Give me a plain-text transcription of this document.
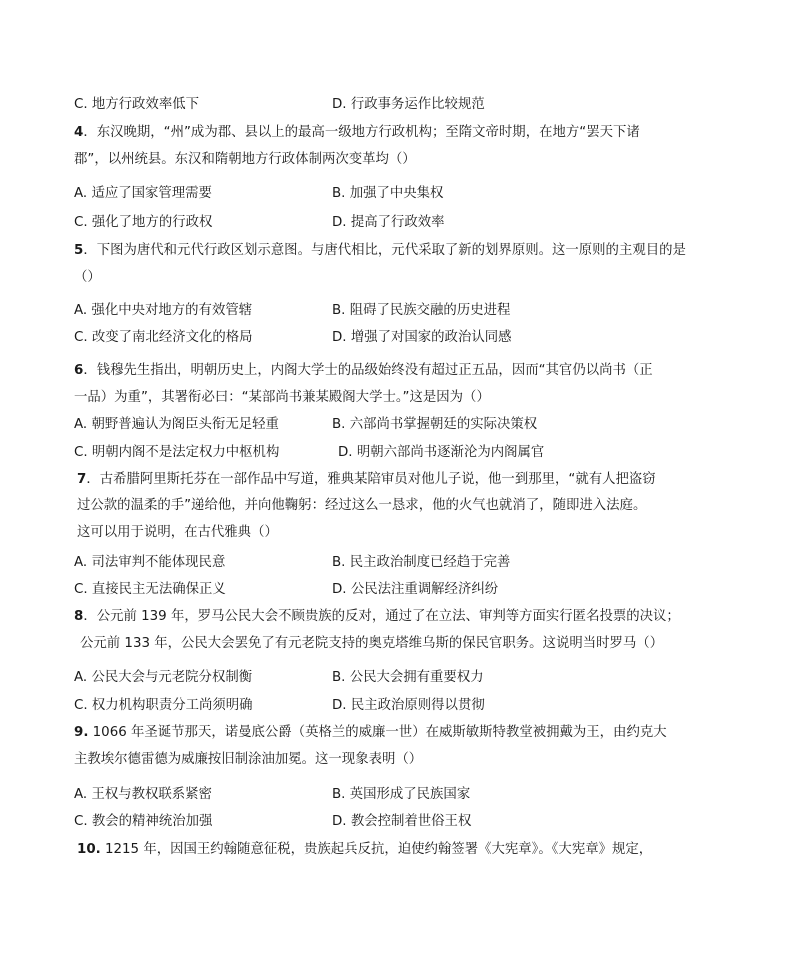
C. 地方行政效率低下	D. 行政事务运作比较规范
4．东汉晚期，“州”成为郡、县以上的最高一级地方行政机构；至隋文帝时期，在地方“罢天下诸
郡”，以州统县。东汉和隋朝地方行政体制两次变革均（）
A. 适应了国家管理需要	B. 加强了中央集权
C. 强化了地方的行政权	D. 提高了行政效率
5．下图为唐代和元代行政区划示意图。与唐代相比，元代采取了新的划界原则。这一原则的主观目的是
（）
A. 强化中央对地方的有效管辖	B. 阻碍了民族交融的历史进程
C. 改变了南北经济文化的格局	D. 增强了对国家的政治认同感
6．钱穆先生指出，明朝历史上，内阁大学士的品级始终没有超过正五品，因而“其官仍以尚书（正
一品）为重”，其署衔必曰：“某部尚书兼某殿阁大学士。”这是因为（）
A. 朝野普遍认为阁臣头衔无足轻重	B. 六部尚书掌握朝廷的实际决策权
C. 明朝内阁不是法定权力中枢机构	D. 明朝六部尚书逐渐沦为内阁属官
7．古希腊阿里斯托芬在一部作品中写道，雅典某陪审员对他儿子说，他一到那里，“就有人把盗窃
过公款的温柔的手”递给他，并向他鞠躬：经过这么一恳求，他的火气也就消了，随即进入法庭。
这可以用于说明，在古代雅典（）
A. 司法审判不能体现民意	B. 民主政治制度已经趋于完善
C. 直接民主无法确保正义	D. 公民法注重调解经济纠纷
8．公元前 139 年，罗马公民大会不顾贵族的反对，通过了在立法、审判等方面实行匿名投票的决议；
公元前 133 年，公民大会罢免了有元老院支持的奥克塔维乌斯的保民官职务。这说明当时罗马（）
A. 公民大会与元老院分权制衡	B. 公民大会拥有重要权力
C. 权力机构职责分工尚须明确	D. 民主政治原则得以贯彻
9. 1066 年圣诞节那天，诺曼底公爵（英格兰的威廉一世）在威斯敏斯特教堂被拥戴为王，由约克大
主教埃尔德雷德为威廉按旧制涂油加冕。这一现象表明（）
A. 王权与教权联系紧密	B. 英国形成了民族国家
C. 教会的精神统治加强	D. 教会控制着世俗王权
10. 1215 年，因国王约翰随意征税，贵族起兵反抗，迫使约翰签署《大宪章》。《大宪章》规定，
